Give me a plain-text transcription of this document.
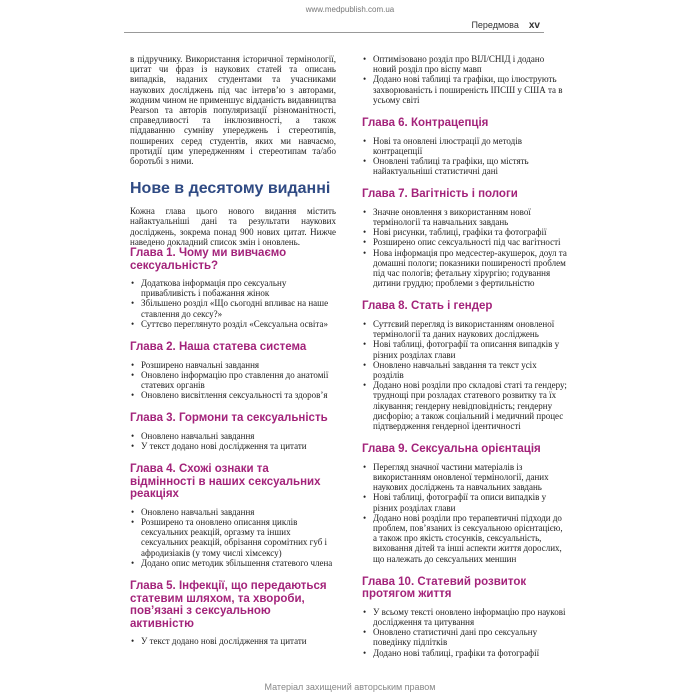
www.medpublish.com.ua
Передмова xv

в підручнику. Використання історичної термінології, цитат чи фраз із наукових статей та описань випадків, наданих студентами та учасниками наукових досліджень під час інтерв’ю з авторами, жодним чином не применшує відданість видавництва Pearson та авторів популяризації різноманітності, справедливості та інклюзивності, а також піддаванню сумніву упереджень і стереотипів, поширених серед студентів, яких ми навчаємо, протидії цим упередженням і стереотипам та/або боротьбі з ними.

Нове в десятому виданні

Кожна глава цього нового видання містить найактуальніші дані та результати наукових досліджень, зокрема понад 900 нових цитат. Нижче наведено докладний список змін і оновлень.

Глава 1. Чому ми вивчаємо сексуальність?
• Додаткова інформація про сексуальну привабливість і побажання жінок
• Збільшено розділ «Що сьогодні впливає на наше ставлення до сексу?»
• Суттєво переглянуто розділ «Сексуальна освіта»
Глава 2. Наша статева система
• Розширено навчальні завдання
• Оновлено інформацію про ставлення до анатомії статевих органів
• Оновлено висвітлення сексуальності та здоров’я
Глава 3. Гормони та сексуальність
• Оновлено навчальні завдання
• У текст додано нові дослідження та цитати
Глава 4. Схожі ознаки та відмінності в наших сексуальних реакціях
• Оновлено навчальні завдання
• Розширено та оновлено описання циклів сексуальних реакцій, оргазму та інших сексуальних реакцій, обрізання соромітних губ і афродизіаків (у тому числі хімсексу)
• Додано опис методик збільшення статевого члена
Глава 5. Інфекції, що передаються статевим шляхом, та хвороби, пов’язані з сексуальною активністю
• У текст додано нові дослідження та цитати
• Оптимізовано розділ про ВІЛ/СНІД і додано новий розділ про віспу мавп
• Додано нові таблиці та графіки, що ілюструють захворюваність і поширеність ІПСШ у США та в усьому світі
Глава 6. Контрацепція
• Нові та оновлені ілюстрації до методів контрацепції
• Оновлені таблиці та графіки, що містять найактуальніші статистичні дані
Глава 7. Вагітність і пологи
• Значне оновлення з використанням нової термінології та навчальних завдань
• Нові рисунки, таблиці, графіки та фотографії
• Розширено опис сексуальності під час вагітності
• Нова інформація про медсестер-акушерок, доул та домашні пологи; показники поширеності проблем під час пологів; фетальну хірургію; годування дитини груддю; проблеми з фертильністю
Глава 8. Стать і гендер
• Суттєвий перегляд із використанням оновленої термінології та даних наукових досліджень
• Нові таблиці, фотографії та описання випадків у різних розділах глави
• Оновлено навчальні завдання та текст усіх розділів
• Додано нові розділи про складові статі та гендеру; труднощі при розладах статевого розвитку та їх лікування; гендерну невідповідність; гендерну дисфорію; а також соціальний і медичний процес підтвердження гендерної ідентичності
Глава 9. Сексуальна орієнтація
• Перегляд значної частини матеріалів із використанням оновленої термінології, даних наукових досліджень та навчальних завдань
• Нові таблиці, фотографії та описи випадків у різних розділах глави
• Додано нові розділи про терапевтичні підходи до проблем, пов’язаних із сексуальною орієнтацією, а також про якість стосунків, сексуальність, виховання дітей та інші аспекти життя дорослих, що належать до сексуальних меншин
Глава 10. Статевий розвиток протягом життя
• У всьому тексті оновлено інформацію про наукові дослідження та цитування
• Оновлено статистичні дані про сексуальну поведінку підлітків
• Додано нові таблиці, графіки та фотографії
Матеріал захищений авторським правом
